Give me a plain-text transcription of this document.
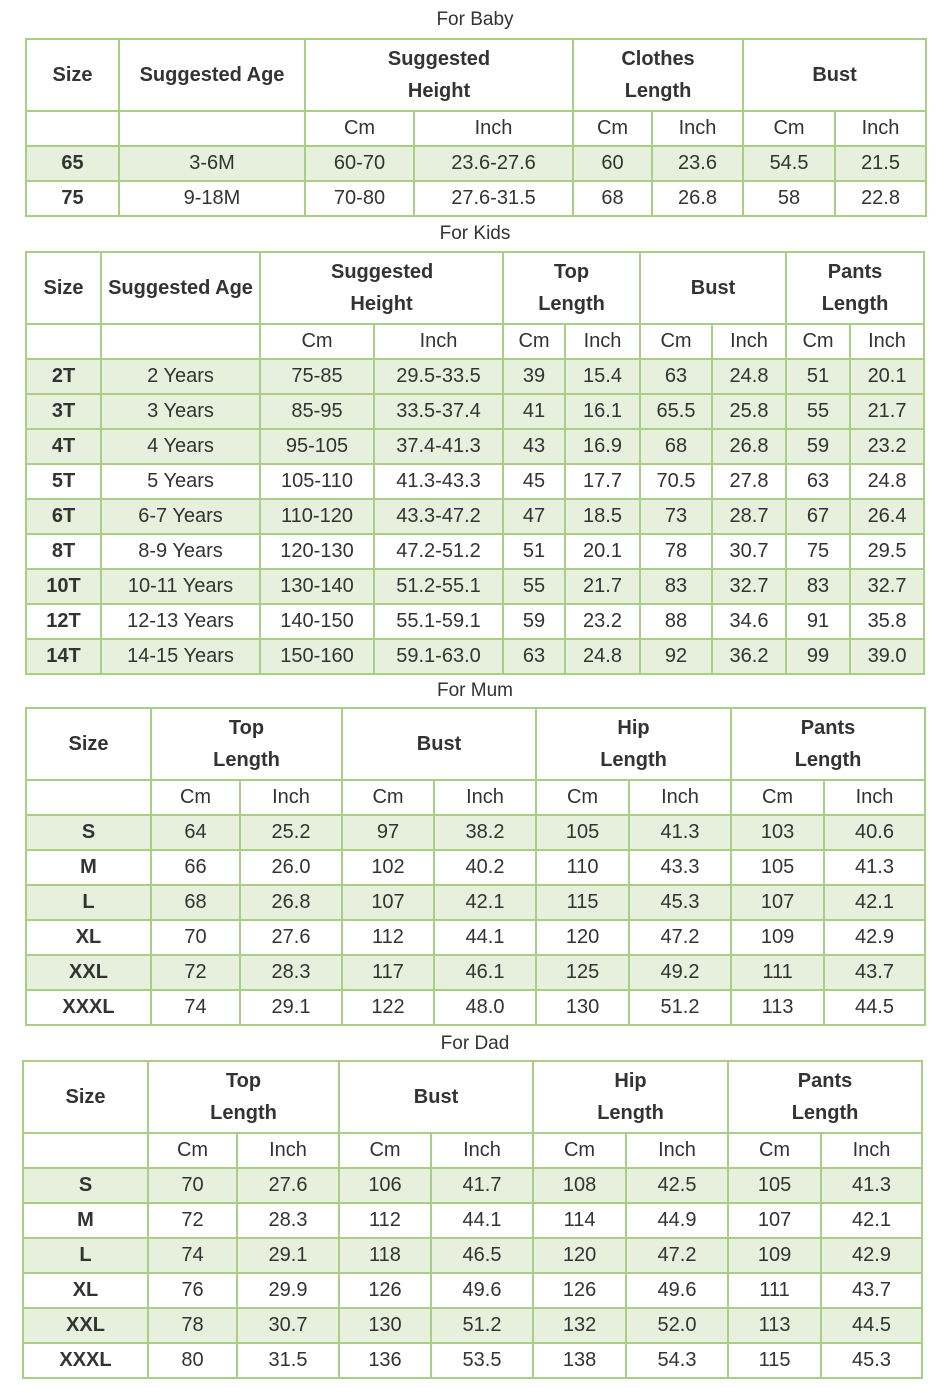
For Baby
Size	Suggested Age	Suggested Height		Clothes Length		Bust	
		Cm	Inch	Cm	Inch	Cm	Inch
65	3-6M	60-70	23.6-27.6	60	23.6	54.5	21.5
75	9-18M	70-80	27.6-31.5	68	26.8	58	22.8
For Kids
Size	Suggested Age	Suggested Height		Top Length		Bust		Pants Length	
		Cm	Inch	Cm	Inch	Cm	Inch	Cm	Inch
2T	2 Years	75-85	29.5-33.5	39	15.4	63	24.8	51	20.1
3T	3 Years	85-95	33.5-37.4	41	16.1	65.5	25.8	55	21.7
4T	4 Years	95-105	37.4-41.3	43	16.9	68	26.8	59	23.2
5T	5 Years	105-110	41.3-43.3	45	17.7	70.5	27.8	63	24.8
6T	6-7 Years	110-120	43.3-47.2	47	18.5	73	28.7	67	26.4
8T	8-9 Years	120-130	47.2-51.2	51	20.1	78	30.7	75	29.5
10T	10-11 Years	130-140	51.2-55.1	55	21.7	83	32.7	83	32.7
12T	12-13 Years	140-150	55.1-59.1	59	23.2	88	34.6	91	35.8
14T	14-15 Years	150-160	59.1-63.0	63	24.8	92	36.2	99	39.0
For Mum
Size	Top Length		Bust		Hip Length		Pants Length	
	Cm	Inch	Cm	Inch	Cm	Inch	Cm	Inch
S	64	25.2	97	38.2	105	41.3	103	40.6
M	66	26.0	102	40.2	110	43.3	105	41.3
L	68	26.8	107	42.1	115	45.3	107	42.1
XL	70	27.6	112	44.1	120	47.2	109	42.9
XXL	72	28.3	117	46.1	125	49.2	111	43.7
XXXL	74	29.1	122	48.0	130	51.2	113	44.5
For Dad
Size	Top Length		Bust		Hip Length		Pants Length	
	Cm	Inch	Cm	Inch	Cm	Inch	Cm	Inch
S	70	27.6	106	41.7	108	42.5	105	41.3
M	72	28.3	112	44.1	114	44.9	107	42.1
L	74	29.1	118	46.5	120	47.2	109	42.9
XL	76	29.9	126	49.6	126	49.6	111	43.7
XXL	78	30.7	130	51.2	132	52.0	113	44.5
XXXL	80	31.5	136	53.5	138	54.3	115	45.3
